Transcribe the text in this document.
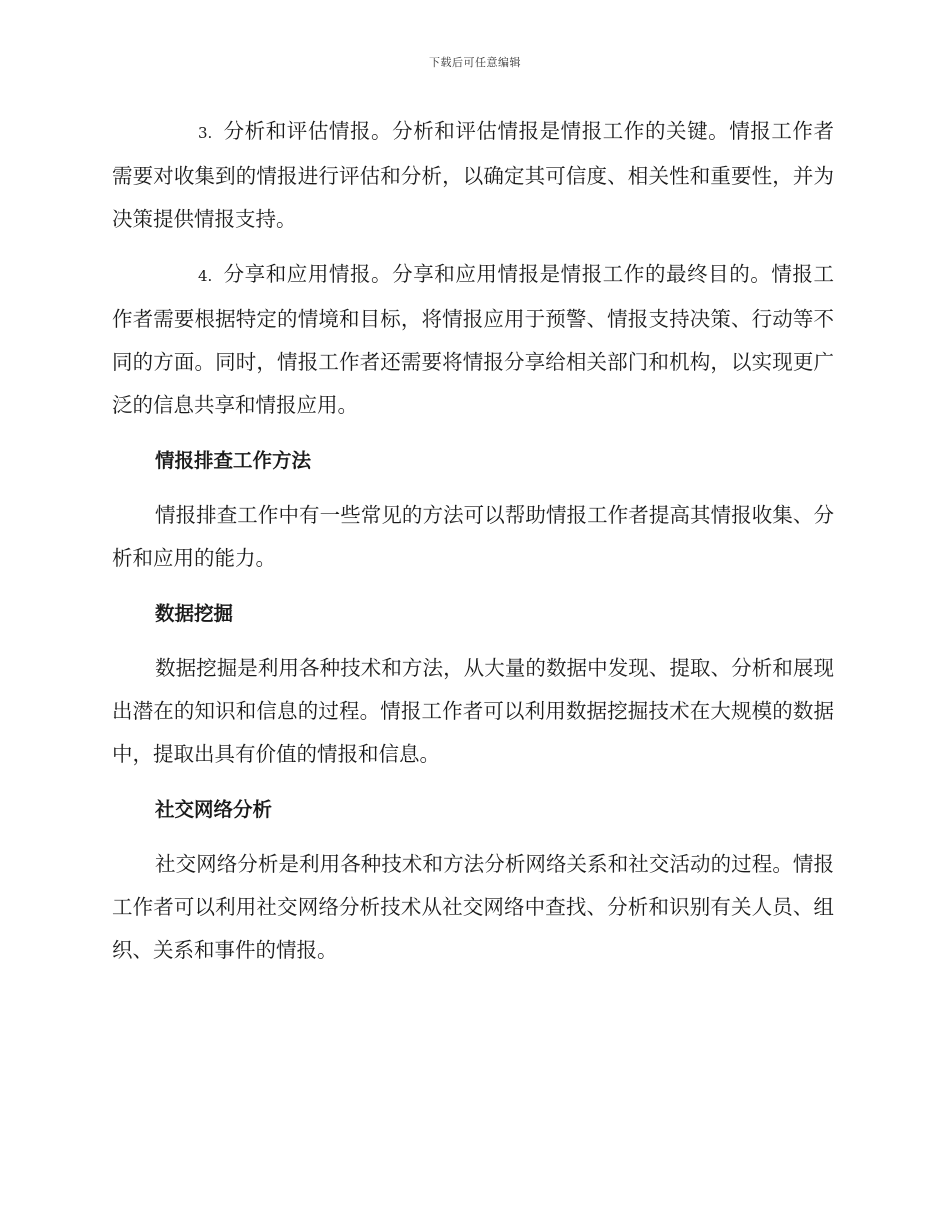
下载后可任意编辑

3. 分析和评估情报。分析和评估情报是情报工作的关键。情报工作者需要对收集到的情报进行评估和分析，以确定其可信度、相关性和重要性，并为决策提供情报支持。

4. 分享和应用情报。分享和应用情报是情报工作的最终目的。情报工作者需要根据特定的情境和目标，将情报应用于预警、情报支持决策、行动等不同的方面。同时，情报工作者还需要将情报分享给相关部门和机构，以实现更广泛的信息共享和情报应用。

情报排查工作方法

情报排查工作中有一些常见的方法可以帮助情报工作者提高其情报收集、分析和应用的能力。

数据挖掘

数据挖掘是利用各种技术和方法，从大量的数据中发现、提取、分析和展现出潜在的知识和信息的过程。情报工作者可以利用数据挖掘技术在大规模的数据中，提取出具有价值的情报和信息。

社交网络分析

社交网络分析是利用各种技术和方法分析网络关系和社交活动的过程。情报工作者可以利用社交网络分析技术从社交网络中查找、分析和识别有关人员、组织、关系和事件的情报。
